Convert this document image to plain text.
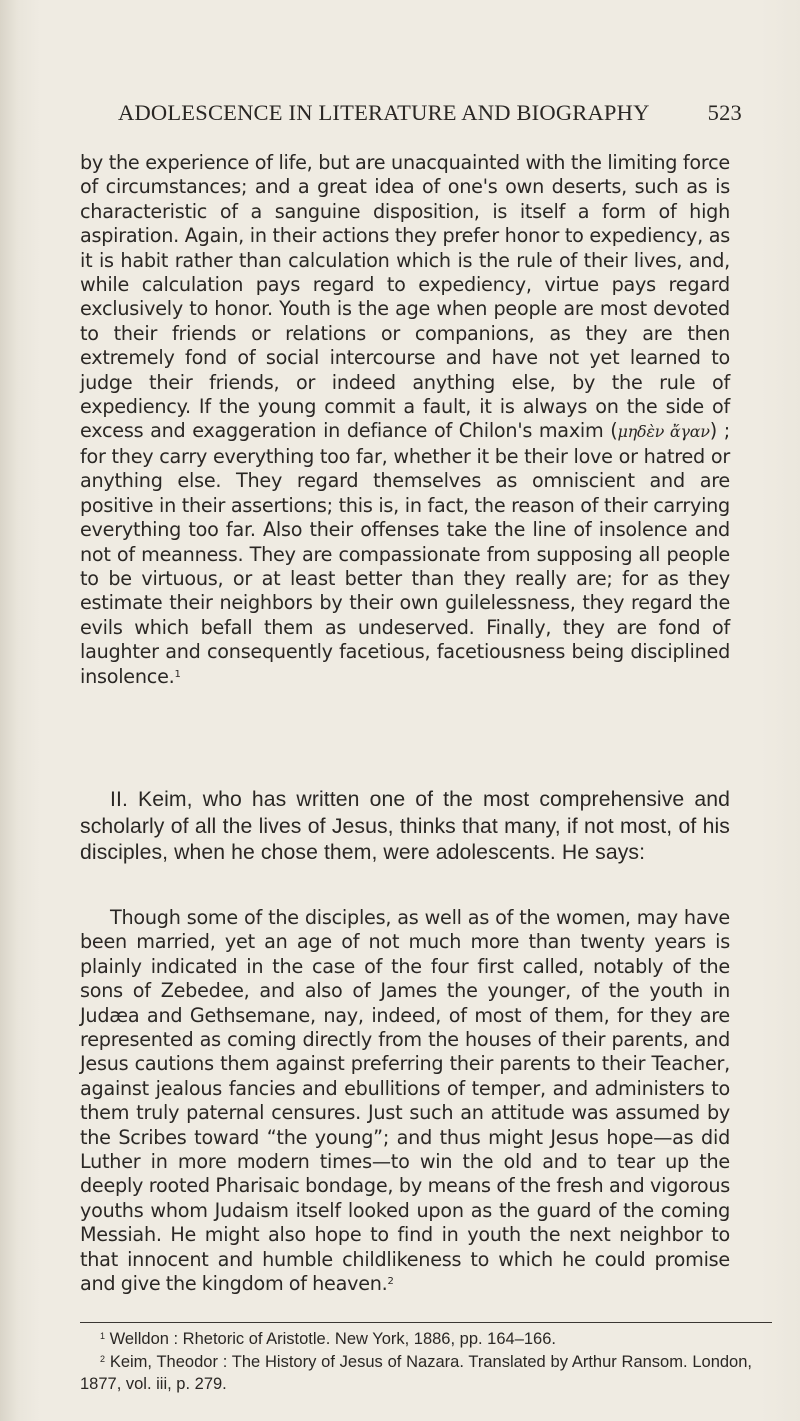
ADOLESCENCE IN LITERATURE AND BIOGRAPHY	523

by the experience of life, but are unacquainted with the limiting force of circumstances; and a great idea of one's own deserts, such as is characteristic of a sanguine disposition, is itself a form of high aspiration. Again, in their actions they prefer honor to expediency, as it is habit rather than calculation which is the rule of their lives, and, while calculation pays regard to expediency, virtue pays regard exclusively to honor. Youth is the age when people are most devoted to their friends or relations or companions, as they are then extremely fond of social intercourse and have not yet learned to judge their friends, or indeed anything else, by the rule of expediency. If the young commit a fault, it is always on the side of excess and exaggeration in defiance of Chilon's maxim (μηδὲν ἄγαν) ; for they carry everything too far, whether it be their love or hatred or anything else. They regard themselves as omniscient and are positive in their assertions; this is, in fact, the reason of their carrying everything too far. Also their offenses take the line of insolence and not of meanness. They are compassionate from supposing all people to be virtuous, or at least better than they really are; for as they estimate their neighbors by their own guilelessness, they regard the evils which befall them as undeserved. Finally, they are fond of laughter and consequently facetious, facetiousness being disciplined insolence.$^1$

II. Keim, who has written one of the most comprehensive and scholarly of all the lives of Jesus, thinks that many, if not most, of his disciples, when he chose them, were adolescents. He says:

Though some of the disciples, as well as of the women, may have been married, yet an age of not much more than twenty years is plainly indicated in the case of the four first called, notably of the sons of Zebedee, and also of James the younger, of the youth in Judæa and Gethsemane, nay, indeed, of most of them, for they are represented as coming directly from the houses of their parents, and Jesus cautions them against preferring their parents to their Teacher, against jealous fancies and ebullitions of temper, and administers to them truly paternal censures. Just such an attitude was assumed by the Scribes toward “the young”; and thus might Jesus hope—as did Luther in more modern times—to win the old and to tear up the deeply rooted Pharisaic bondage, by means of the fresh and vigorous youths whom Judaism itself looked upon as the guard of the coming Messiah. He might also hope to find in youth the next neighbor to that innocent and humble childlikeness to which he could promise and give the kingdom of heaven.$^2$

$^1$ Welldon : Rhetoric of Aristotle. New York, 1886, pp. 164–166.

$^2$ Keim, Theodor : The History of Jesus of Nazara. Translated by Arthur Ransom. London, 1877, vol. iii, p. 279.
